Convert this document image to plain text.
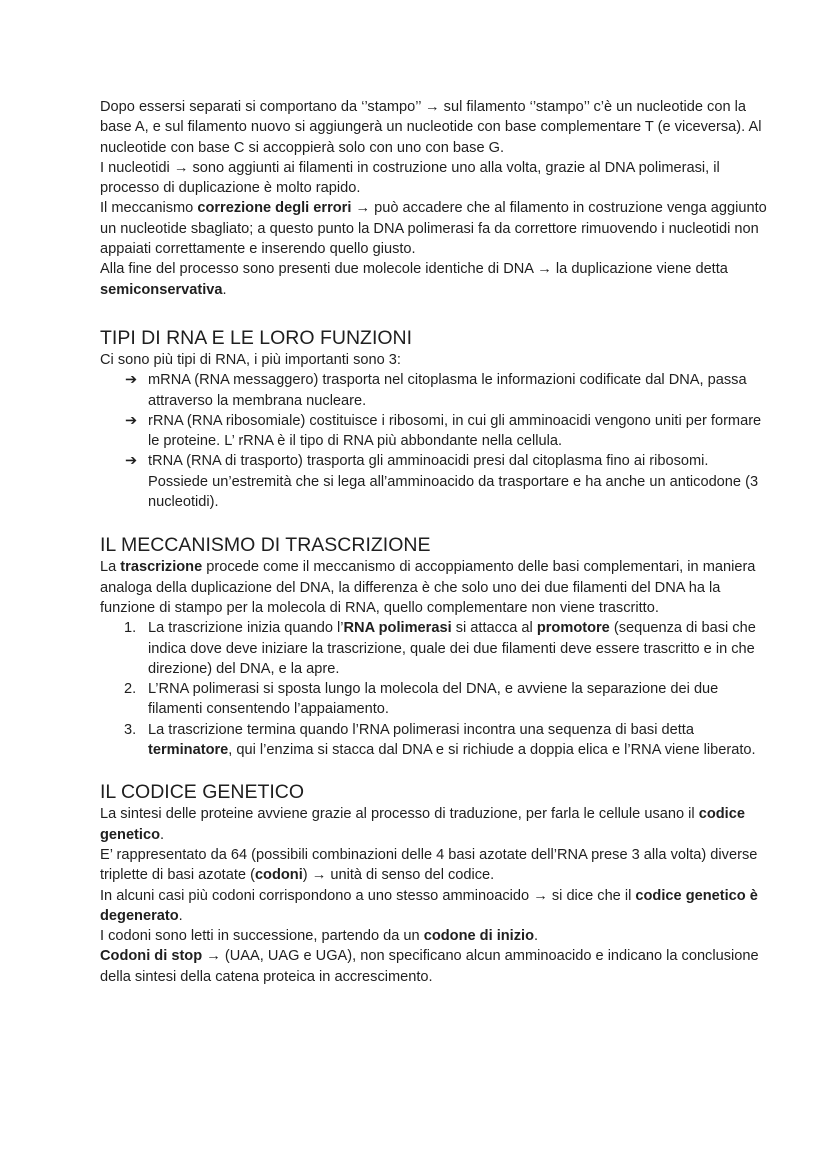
Dopo essersi separati si comportano da ‘’stampo’’ → sul filamento ‘’stampo’’ c’è un nucleotide con la base A, e sul filamento nuovo si aggiungerà un nucleotide con base complementare T (e viceversa). Al nucleotide con base C si accoppierà solo con uno con base G.

I nucleotidi → sono aggiunti ai filamenti in costruzione uno alla volta, grazie al DNA polimerasi, il processo di duplicazione è molto rapido.

Il meccanismo correzione degli errori → può accadere che al filamento in costruzione venga aggiunto un nucleotide sbagliato; a questo punto la DNA polimerasi fa da correttore rimuovendo i nucleotidi non appaiati correttamente e inserendo quello giusto.

Alla fine del processo sono presenti due molecole identiche di DNA → la duplicazione viene detta semiconservativa.

TIPI DI RNA E LE LORO FUNZIONI

Ci sono più tipi di RNA, i più importanti sono 3:

➔ mRNA (RNA messaggero) trasporta nel citoplasma le informazioni codificate dal DNA, passa attraverso la membrana nucleare.
➔ rRNA (RNA ribosomiale) costituisce i ribosomi, in cui gli amminoacidi vengono uniti per formare le proteine. L’ rRNA è il tipo di RNA più abbondante nella cellula.
➔ tRNA (RNA di trasporto) trasporta gli amminoacidi presi dal citoplasma fino ai ribosomi. Possiede un’estremità che si lega all’amminoacido da trasportare e ha anche un anticodone (3 nucleotidi).
IL MECCANISMO DI TRASCRIZIONE

La trascrizione procede come il meccanismo di accoppiamento delle basi complementari, in maniera analoga della duplicazione del DNA, la differenza è che solo uno dei due filamenti del DNA ha la funzione di stampo per la molecola di RNA, quello complementare non viene trascritto.

1. La trascrizione inizia quando l’RNA polimerasi si attacca al promotore (sequenza di basi che indica dove deve iniziare la trascrizione, quale dei due filamenti deve essere trascritto e in che direzione) del DNA, e la apre.
2. L’RNA polimerasi si sposta lungo la molecola del DNA, e avviene la separazione dei due filamenti consentendo l’appaiamento.
3. La trascrizione termina quando l’RNA polimerasi incontra una sequenza di basi detta terminatore, qui l’enzima si stacca dal DNA e si richiude a doppia elica e l’RNA viene liberato.
IL CODICE GENETICO

La sintesi delle proteine avviene grazie al processo di traduzione, per farla le cellule usano il codice genetico.

E’ rappresentato da 64 (possibili combinazioni delle 4 basi azotate dell’RNA prese 3 alla volta) diverse triplette di basi azotate (codoni) → unità di senso del codice.

In alcuni casi più codoni corrispondono a uno stesso amminoacido → si dice che il codice genetico è degenerato.

I codoni sono letti in successione, partendo da un codone di inizio.

Codoni di stop → (UAA, UAG e UGA), non specificano alcun amminoacido e indicano la conclusione della sintesi della catena proteica in accrescimento.
